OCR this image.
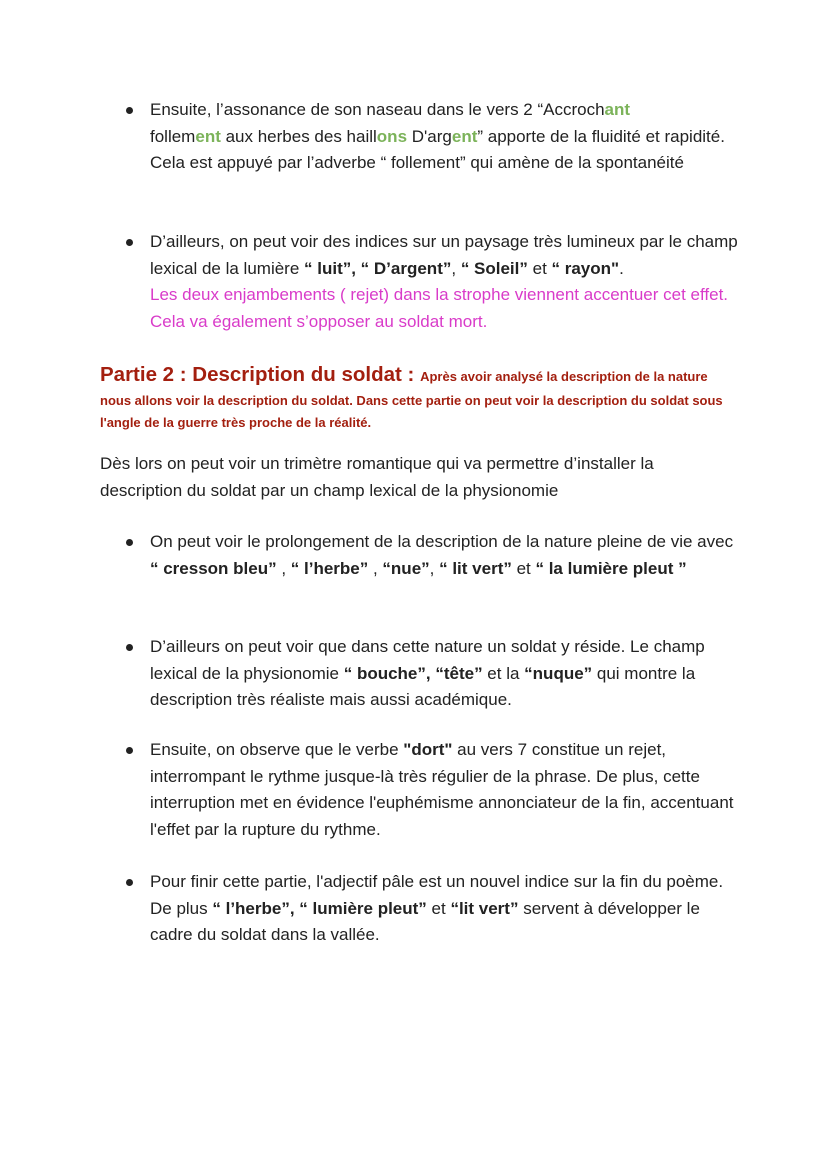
Ensuite, l’assonance de son naseau dans le vers 2 “Accrochant
follement aux herbes des haillons D'argent” apporte de la fluidité et rapidité. Cela est appuyé par l’adverbe “ follement” qui amène de la spontanéité

D’ailleurs, on peut voir des indices sur un paysage très lumineux par le champ lexical de la lumière “ luit”, “ D’argent”, “ Soleil” et “ rayon".
Les deux enjambements ( rejet) dans la strophe viennent accentuer cet effet. Cela va également s’opposer au soldat mort.

Partie 2 : Description du soldat : Après avoir analysé la description de la nature nous allons voir la description du soldat. Dans cette partie on peut voir la description du soldat sous l'angle de la guerre très proche de la réalité.

Dès lors on peut voir un trimètre romantique qui va permettre d’installer la description du soldat par un champ lexical de la physionomie

On peut voir le prolongement de la description de la nature pleine de vie avec “ cresson bleu” , “ l’herbe” , “nue”, “ lit vert” et “ la lumière pleut ”

D’ailleurs on peut voir que dans cette nature un soldat y réside. Le champ lexical de la physionomie “ bouche”, “tête” et la “nuque” qui montre la description très réaliste mais aussi académique.

Ensuite, on observe que le verbe "dort" au vers 7 constitue un rejet, interrompant le rythme jusque-là très régulier de la phrase. De plus, cette interruption met en évidence l'euphémisme annonciateur de la fin, accentuant l'effet par la rupture du rythme.

Pour finir cette partie, l'adjectif pâle est un nouvel indice sur la fin du poème. De plus “ l’herbe”, “ lumière pleut” et “lit vert” servent à développer le cadre du soldat dans la vallée.
